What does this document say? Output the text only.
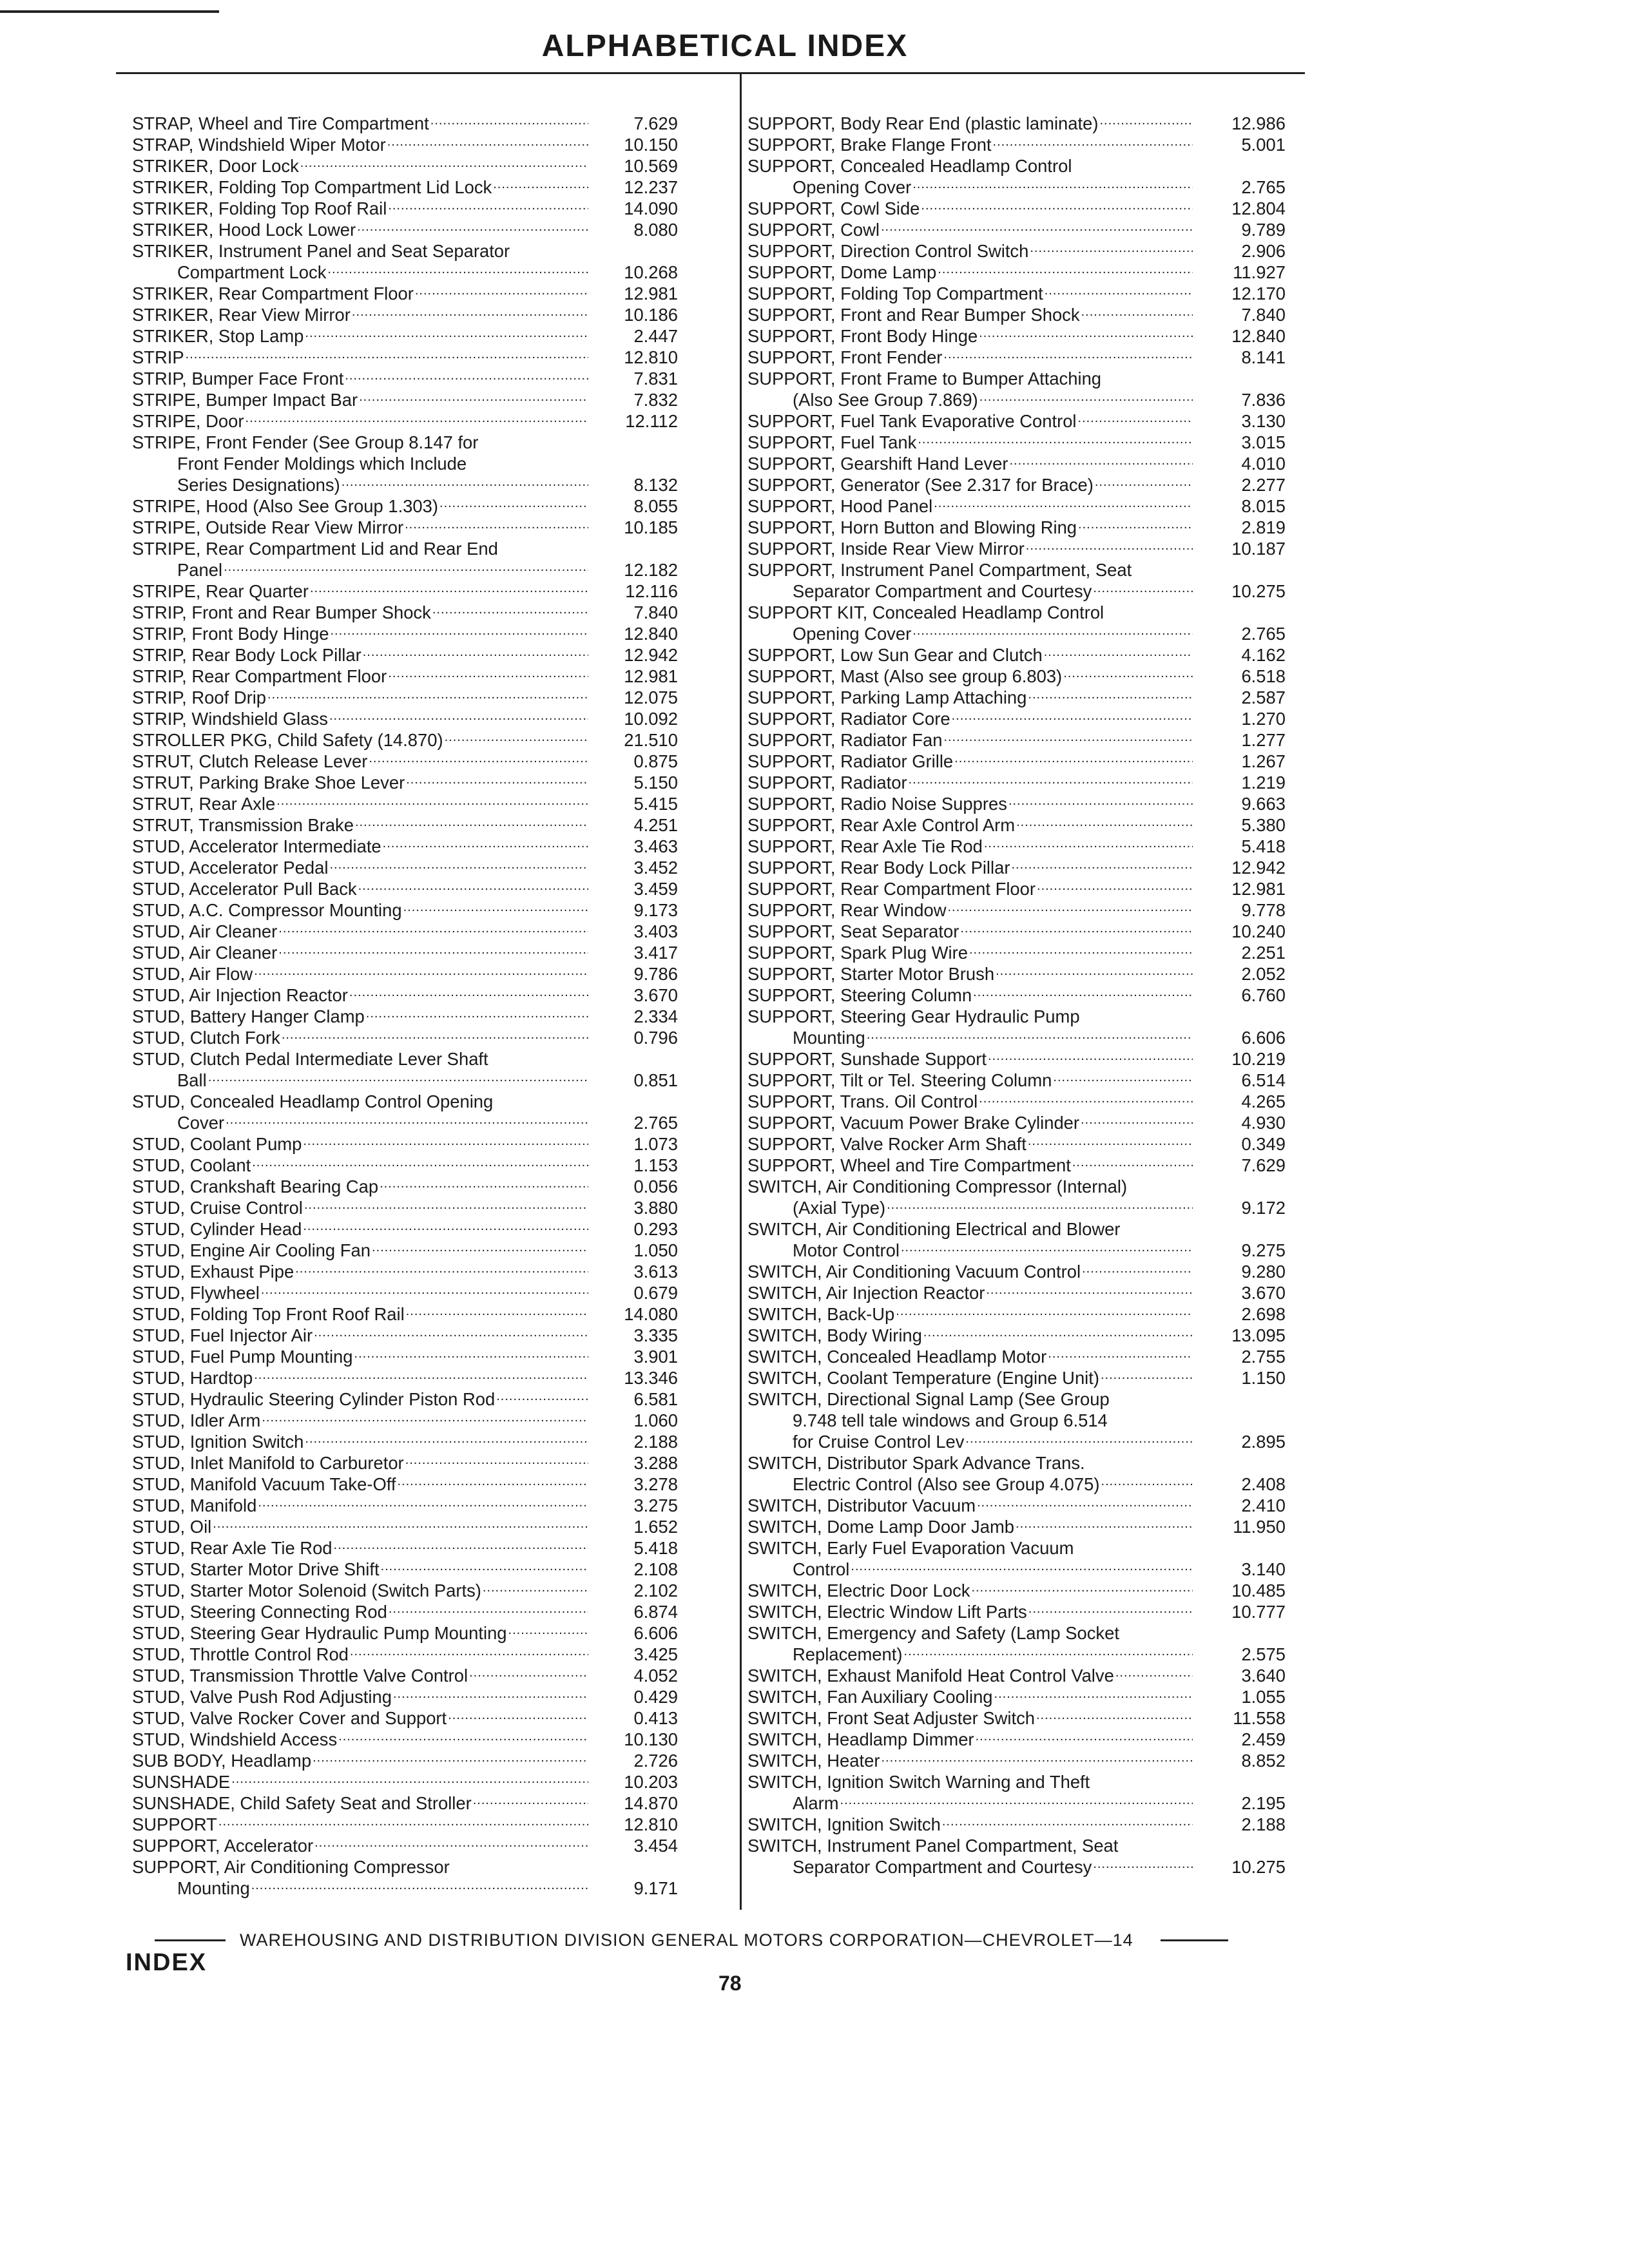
ALPHABETICAL INDEX
STRAP, Wheel and Tire Compartment .....	7.629
STRAP, Windshield Wiper Motor .....	10.150
STRIKER, Door Lock .....	10.569
STRIKER, Folding Top Compartment Lid Lock .....	12.237
STRIKER, Folding Top Roof Rail .....	14.090
STRIKER, Hood Lock Lower .....	8.080
STRIKER, Instrument Panel and Seat Separator
Compartment Lock .....	10.268
STRIKER, Rear Compartment Floor .....	12.981
STRIKER, Rear View Mirror .....	10.186
STRIKER, Stop Lamp .....	2.447
STRIP .....	12.810
STRIP, Bumper Face Front .....	7.831
STRIPE, Bumper Impact Bar .....	7.832
STRIPE, Door .....	12.112
STRIPE, Front Fender (See Group 8.147 for
Front Fender Moldings which Include
Series Designations) .....	8.132
STRIPE, Hood (Also See Group 1.303) .....	8.055
STRIPE, Outside Rear View Mirror .....	10.185
STRIPE, Rear Compartment Lid and Rear End
Panel .....	12.182
STRIPE, Rear Quarter .....	12.116
STRIP, Front and Rear Bumper Shock .....	7.840
STRIP, Front Body Hinge .....	12.840
STRIP, Rear Body Lock Pillar .....	12.942
STRIP, Rear Compartment Floor .....	12.981
STRIP, Roof Drip .....	12.075
STRIP, Windshield Glass .....	10.092
STROLLER PKG, Child Safety (14.870) .....	21.510
STRUT, Clutch Release Lever .....	0.875
STRUT, Parking Brake Shoe Lever .....	5.150
STRUT, Rear Axle .....	5.415
STRUT, Transmission Brake .....	4.251
STUD, Accelerator Intermediate .....	3.463
STUD, Accelerator Pedal .....	3.452
STUD, Accelerator Pull Back .....	3.459
STUD, A.C. Compressor Mounting .....	9.173
STUD, Air Cleaner .....	3.403
STUD, Air Cleaner .....	3.417
STUD, Air Flow .....	9.786
STUD, Air Injection Reactor .....	3.670
STUD, Battery Hanger Clamp .....	2.334
STUD, Clutch Fork .....	0.796
STUD, Clutch Pedal Intermediate Lever Shaft
Ball .....	0.851
STUD, Concealed Headlamp Control Opening
Cover .....	2.765
STUD, Coolant Pump .....	1.073
STUD, Coolant .....	1.153
STUD, Crankshaft Bearing Cap .....	0.056
STUD, Cruise Control .....	3.880
STUD, Cylinder Head .....	0.293
STUD, Engine Air Cooling Fan .....	1.050
STUD, Exhaust Pipe .....	3.613
STUD, Flywheel .....	0.679
STUD, Folding Top Front Roof Rail .....	14.080
STUD, Fuel Injector Air .....	3.335
STUD, Fuel Pump Mounting .....	3.901
STUD, Hardtop .....	13.346
STUD, Hydraulic Steering Cylinder Piston Rod .....	6.581
STUD, Idler Arm .....	1.060
STUD, Ignition Switch .....	2.188
STUD, Inlet Manifold to Carburetor .....	3.288
STUD, Manifold Vacuum Take-Off .....	3.278
STUD, Manifold .....	3.275
STUD, Oil .....	1.652
STUD, Rear Axle Tie Rod .....	5.418
STUD, Starter Motor Drive Shift .....	2.108
STUD, Starter Motor Solenoid (Switch Parts) .....	2.102
STUD, Steering Connecting Rod .....	6.874
STUD, Steering Gear Hydraulic Pump Mounting .....	6.606
STUD, Throttle Control Rod .....	3.425
STUD, Transmission Throttle Valve Control .....	4.052
STUD, Valve Push Rod Adjusting .....	0.429
STUD, Valve Rocker Cover and Support .....	0.413
STUD, Windshield Access .....	10.130
SUB BODY, Headlamp .....	2.726
SUNSHADE .....	10.203
SUNSHADE, Child Safety Seat and Stroller .....	14.870
SUPPORT .....	12.810
SUPPORT, Accelerator .....	3.454
SUPPORT, Air Conditioning Compressor
Mounting .....	9.171
SUPPORT, Body Rear End (plastic laminate) .....	12.986
SUPPORT, Brake Flange Front .....	5.001
SUPPORT, Concealed Headlamp Control
Opening Cover .....	2.765
SUPPORT, Cowl Side .....	12.804
SUPPORT, Cowl .....	9.789
SUPPORT, Direction Control Switch .....	2.906
SUPPORT, Dome Lamp .....	11.927
SUPPORT, Folding Top Compartment .....	12.170
SUPPORT, Front and Rear Bumper Shock .....	7.840
SUPPORT, Front Body Hinge .....	12.840
SUPPORT, Front Fender .....	8.141
SUPPORT, Front Frame to Bumper Attaching
(Also See Group 7.869) .....	7.836
SUPPORT, Fuel Tank Evaporative Control .....	3.130
SUPPORT, Fuel Tank .....	3.015
SUPPORT, Gearshift Hand Lever .....	4.010
SUPPORT, Generator (See 2.317 for Brace) .....	2.277
SUPPORT, Hood Panel .....	8.015
SUPPORT, Horn Button and Blowing Ring .....	2.819
SUPPORT, Inside Rear View Mirror .....	10.187
SUPPORT, Instrument Panel Compartment, Seat
Separator Compartment and Courtesy .....	10.275
SUPPORT KIT, Concealed Headlamp Control
Opening Cover .....	2.765
SUPPORT, Low Sun Gear and Clutch .....	4.162
SUPPORT, Mast (Also see group 6.803) .....	6.518
SUPPORT, Parking Lamp Attaching .....	2.587
SUPPORT, Radiator Core .....	1.270
SUPPORT, Radiator Fan .....	1.277
SUPPORT, Radiator Grille .....	1.267
SUPPORT, Radiator .....	1.219
SUPPORT, Radio Noise Suppres .....	9.663
SUPPORT, Rear Axle Control Arm .....	5.380
SUPPORT, Rear Axle Tie Rod .....	5.418
SUPPORT, Rear Body Lock Pillar .....	12.942
SUPPORT, Rear Compartment Floor .....	12.981
SUPPORT, Rear Window .....	9.778
SUPPORT, Seat Separator .....	10.240
SUPPORT, Spark Plug Wire .....	2.251
SUPPORT, Starter Motor Brush .....	2.052
SUPPORT, Steering Column .....	6.760
SUPPORT, Steering Gear Hydraulic Pump
Mounting .....	6.606
SUPPORT, Sunshade Support .....	10.219
SUPPORT, Tilt or Tel. Steering Column .....	6.514
SUPPORT, Trans. Oil Control .....	4.265
SUPPORT, Vacuum Power Brake Cylinder .....	4.930
SUPPORT, Valve Rocker Arm Shaft .....	0.349
SUPPORT, Wheel and Tire Compartment .....	7.629
SWITCH, Air Conditioning Compressor (Internal)
(Axial Type) .....	9.172
SWITCH, Air Conditioning Electrical and Blower
Motor Control .....	9.275
SWITCH, Air Conditioning Vacuum Control .....	9.280
SWITCH, Air Injection Reactor .....	3.670
SWITCH, Back-Up .....	2.698
SWITCH, Body Wiring .....	13.095
SWITCH, Concealed Headlamp Motor .....	2.755
SWITCH, Coolant Temperature (Engine Unit) .....	1.150
SWITCH, Directional Signal Lamp (See Group
9.748 tell tale windows and Group 6.514
for Cruise Control Lev .....	2.895
SWITCH, Distributor Spark Advance Trans.
Electric Control (Also see Group 4.075) .....	2.408
SWITCH, Distributor Vacuum .....	2.410
SWITCH, Dome Lamp Door Jamb .....	11.950
SWITCH, Early Fuel Evaporation Vacuum
Control .....	3.140
SWITCH, Electric Door Lock .....	10.485
SWITCH, Electric Window Lift Parts .....	10.777
SWITCH, Emergency and Safety (Lamp Socket
Replacement) .....	2.575
SWITCH, Exhaust Manifold Heat Control Valve .....	3.640
SWITCH, Fan Auxiliary Cooling .....	1.055
SWITCH, Front Seat Adjuster Switch .....	11.558
SWITCH, Headlamp Dimmer .....	2.459
SWITCH, Heater .....	8.852
SWITCH, Ignition Switch Warning and Theft
Alarm .....	2.195
SWITCH, Ignition Switch .....	2.188
SWITCH, Instrument Panel Compartment, Seat
Separator Compartment and Courtesy .....	10.275
WAREHOUSING AND DISTRIBUTION DIVISION GENERAL MOTORS CORPORATION—CHEVROLET—14
INDEX
78
